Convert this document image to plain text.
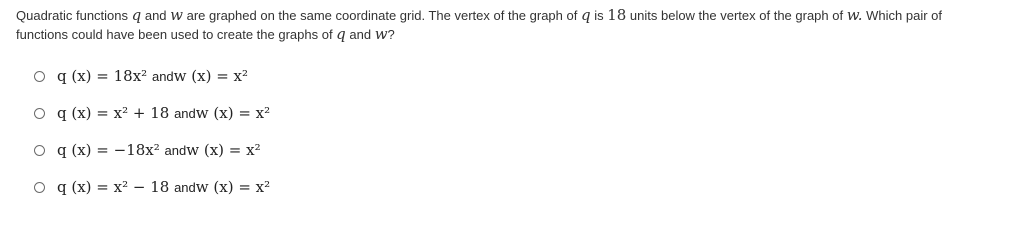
Quadratic functions q and w are graphed on the same coordinate grid. The vertex of the graph of q is 18 units below the vertex of the graph of w. Which pair of functions could have been used to create the graphs of q and w?
q (x) = 18x² andw (x) = x²
q (x) = x² + 18 andw (x) = x²
q (x) = −18x² andw (x) = x²
q (x) = x² − 18 andw (x) = x²
